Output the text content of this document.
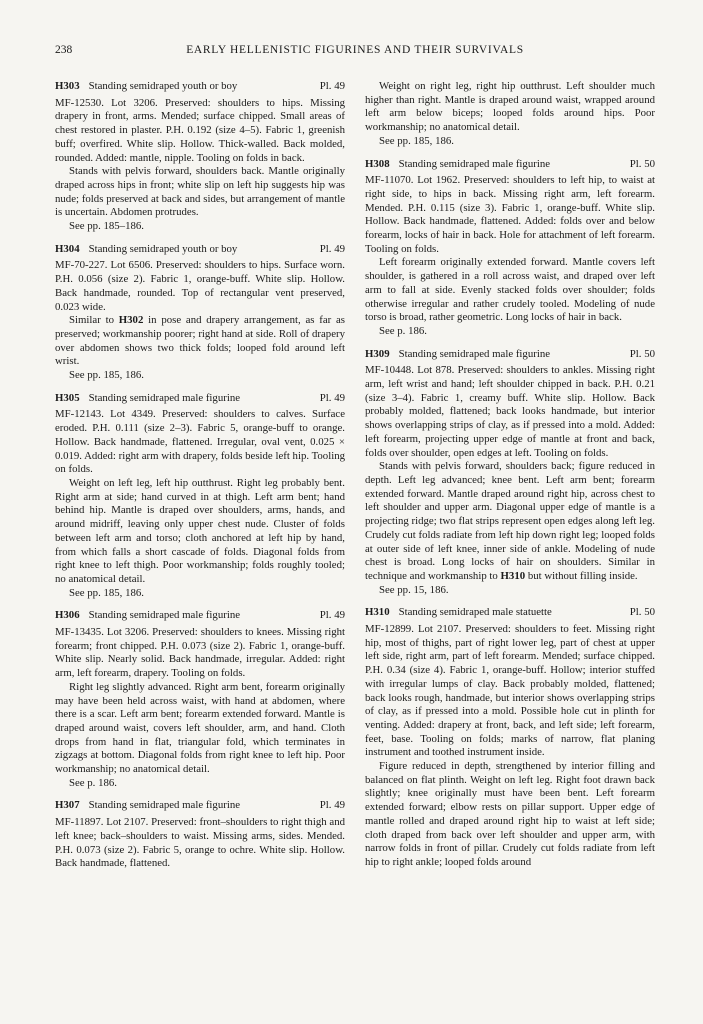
238	EARLY HELLENISTIC FIGURINES AND THEIR SURVIVALS
H303 Standing semidraped youth or boy	Pl. 49

MF-12530. Lot 3206. Preserved: shoulders to hips. Missing drapery in front, arms. Mended; surface chipped. Small areas of chest restored in plaster. P.H. 0.192 (size 4–5). Fabric 1, greenish buff; overfired. White slip. Hollow. Thick-walled. Back molded, rounded. Added: mantle, nipple. Tooling on folds in back.

Stands with pelvis forward, shoulders back. Mantle originally draped across hips in front; white slip on left hip suggests hip was nude; folds preserved at back and sides, but arrangement of mantle is uncertain. Abdomen protrudes.

See pp. 185–186.

H304 Standing semidraped youth or boy	Pl. 49

MF-70-227. Lot 6506. Preserved: shoulders to hips. Surface worn. P.H. 0.056 (size 2). Fabric 1, orange-buff. White slip. Hollow. Back handmade, rounded. Top of rectangular vent preserved, 0.023 wide.

Similar to H302 in pose and drapery arrangement, as far as preserved; workmanship poorer; right hand at side. Roll of drapery over abdomen shows two thick folds; looped fold around left wrist.

See pp. 185, 186.

H305 Standing semidraped male figurine	Pl. 49

MF-12143. Lot 4349. Preserved: shoulders to calves. Surface eroded. P.H. 0.111 (size 2–3). Fabric 5, orange-buff to orange. Hollow. Back handmade, flattened. Irregular, oval vent, 0.025 × 0.019. Added: right arm with drapery, folds beside left hip. Tooling on folds.

Weight on left leg, left hip outthrust. Right leg probably bent. Right arm at side; hand curved in at thigh. Left arm bent; hand behind hip. Mantle is draped over shoulders, arms, hands, and around midriff, leaving only upper chest nude. Cluster of folds between left arm and torso; cloth anchored at left hip by hand, from which falls a short cascade of folds. Diagonal folds from right knee to left thigh. Poor workmanship; folds roughly tooled; no anatomical detail.

See pp. 185, 186.

H306 Standing semidraped male figurine	Pl. 49

MF-13435. Lot 3206. Preserved: shoulders to knees. Missing right forearm; front chipped. P.H. 0.073 (size 2). Fabric 1, orange-buff. White slip. Nearly solid. Back handmade, irregular. Added: right arm, left forearm, drapery. Tooling on folds.

Right leg slightly advanced. Right arm bent, forearm originally may have been held across waist, with hand at abdomen, where there is a scar. Left arm bent; forearm extended forward. Mantle is draped around waist, covers left shoulder, arm, and hand. Cloth drops from hand in flat, triangular fold, which terminates in zigzags at bottom. Diagonal folds from right knee to left hip. Poor workmanship; no anatomical detail.

See p. 186.

H307 Standing semidraped male figurine	Pl. 49

MF-11897. Lot 2107. Preserved: front–shoulders to right thigh and left knee; back–shoulders to waist. Missing arms, sides. Mended. P.H. 0.073 (size 2). Fabric 5, orange to ochre. White slip. Hollow. Back handmade, flattened.

Weight on right leg, right hip outthrust. Left shoulder much higher than right. Mantle is draped around waist, wrapped around left arm below biceps; looped folds around hips. Poor workmanship; no anatomical detail.

See pp. 185, 186.

H308 Standing semidraped male figurine	Pl. 50

MF-11070. Lot 1962. Preserved: shoulders to left hip, to waist at right side, to hips in back. Missing right arm, left forearm. Mended. P.H. 0.115 (size 3). Fabric 1, orange-buff. White slip. Hollow. Back handmade, flattened. Added: folds over and below forearm, locks of hair in back. Hole for attachment of left forearm. Tooling on folds.

Left forearm originally extended forward. Mantle covers left shoulder, is gathered in a roll across waist, and draped over left arm to fall at side. Evenly stacked folds over shoulder; folds otherwise irregular and rather crudely tooled. Modeling of nude torso is broad, rather geometric. Long locks of hair in back.

See p. 186.

H309 Standing semidraped male figurine	Pl. 50

MF-10448. Lot 878. Preserved: shoulders to ankles. Missing right arm, left wrist and hand; left shoulder chipped in back. P.H. 0.21 (size 3–4). Fabric 1, creamy buff. White slip. Hollow. Back probably molded, flattened; back looks handmade, but interior shows overlapping strips of clay, as if pressed into a mold. Added: left forearm, projecting upper edge of mantle at front and back, folds over shoulder, open edges at left. Tooling on folds.

Stands with pelvis forward, shoulders back; figure reduced in depth. Left leg advanced; knee bent. Left arm bent; forearm extended forward. Mantle draped around right hip, across chest to left shoulder and upper arm. Diagonal upper edge of mantle is a projecting ridge; two flat strips represent open edges along left leg. Crudely cut folds radiate from left hip down right leg; looped folds at outer side of left knee, inner side of ankle. Modeling of nude chest is broad. Long locks of hair on shoulders. Similar in technique and workmanship to H310 but without filling inside.

See pp. 15, 186.

H310 Standing semidraped male statuette	Pl. 50

MF-12899. Lot 2107. Preserved: shoulders to feet. Missing right hip, most of thighs, part of right lower leg, part of chest at upper left side, right arm, part of left forearm. Mended; surface chipped. P.H. 0.34 (size 4). Fabric 1, orange-buff. Hollow; interior stuffed with irregular lumps of clay. Back probably molded, flattened; back looks rough, handmade, but interior shows overlapping strips of clay, as if pressed into a mold. Possible hole cut in plinth for venting. Added: drapery at front, back, and left side; left forearm, feet, base. Tooling on folds; marks of narrow, flat planing instrument and toothed instrument inside.

Figure reduced in depth, strengthened by interior filling and balanced on flat plinth. Weight on left leg. Right foot drawn back slightly; knee originally must have been bent. Left forearm extended forward; elbow rests on pillar support. Upper edge of mantle rolled and draped around right hip to waist at left side; cloth draped from back over left shoulder and upper arm, with narrow folds in front of pillar. Crudely cut folds radiate from left hip to right ankle; looped folds around
